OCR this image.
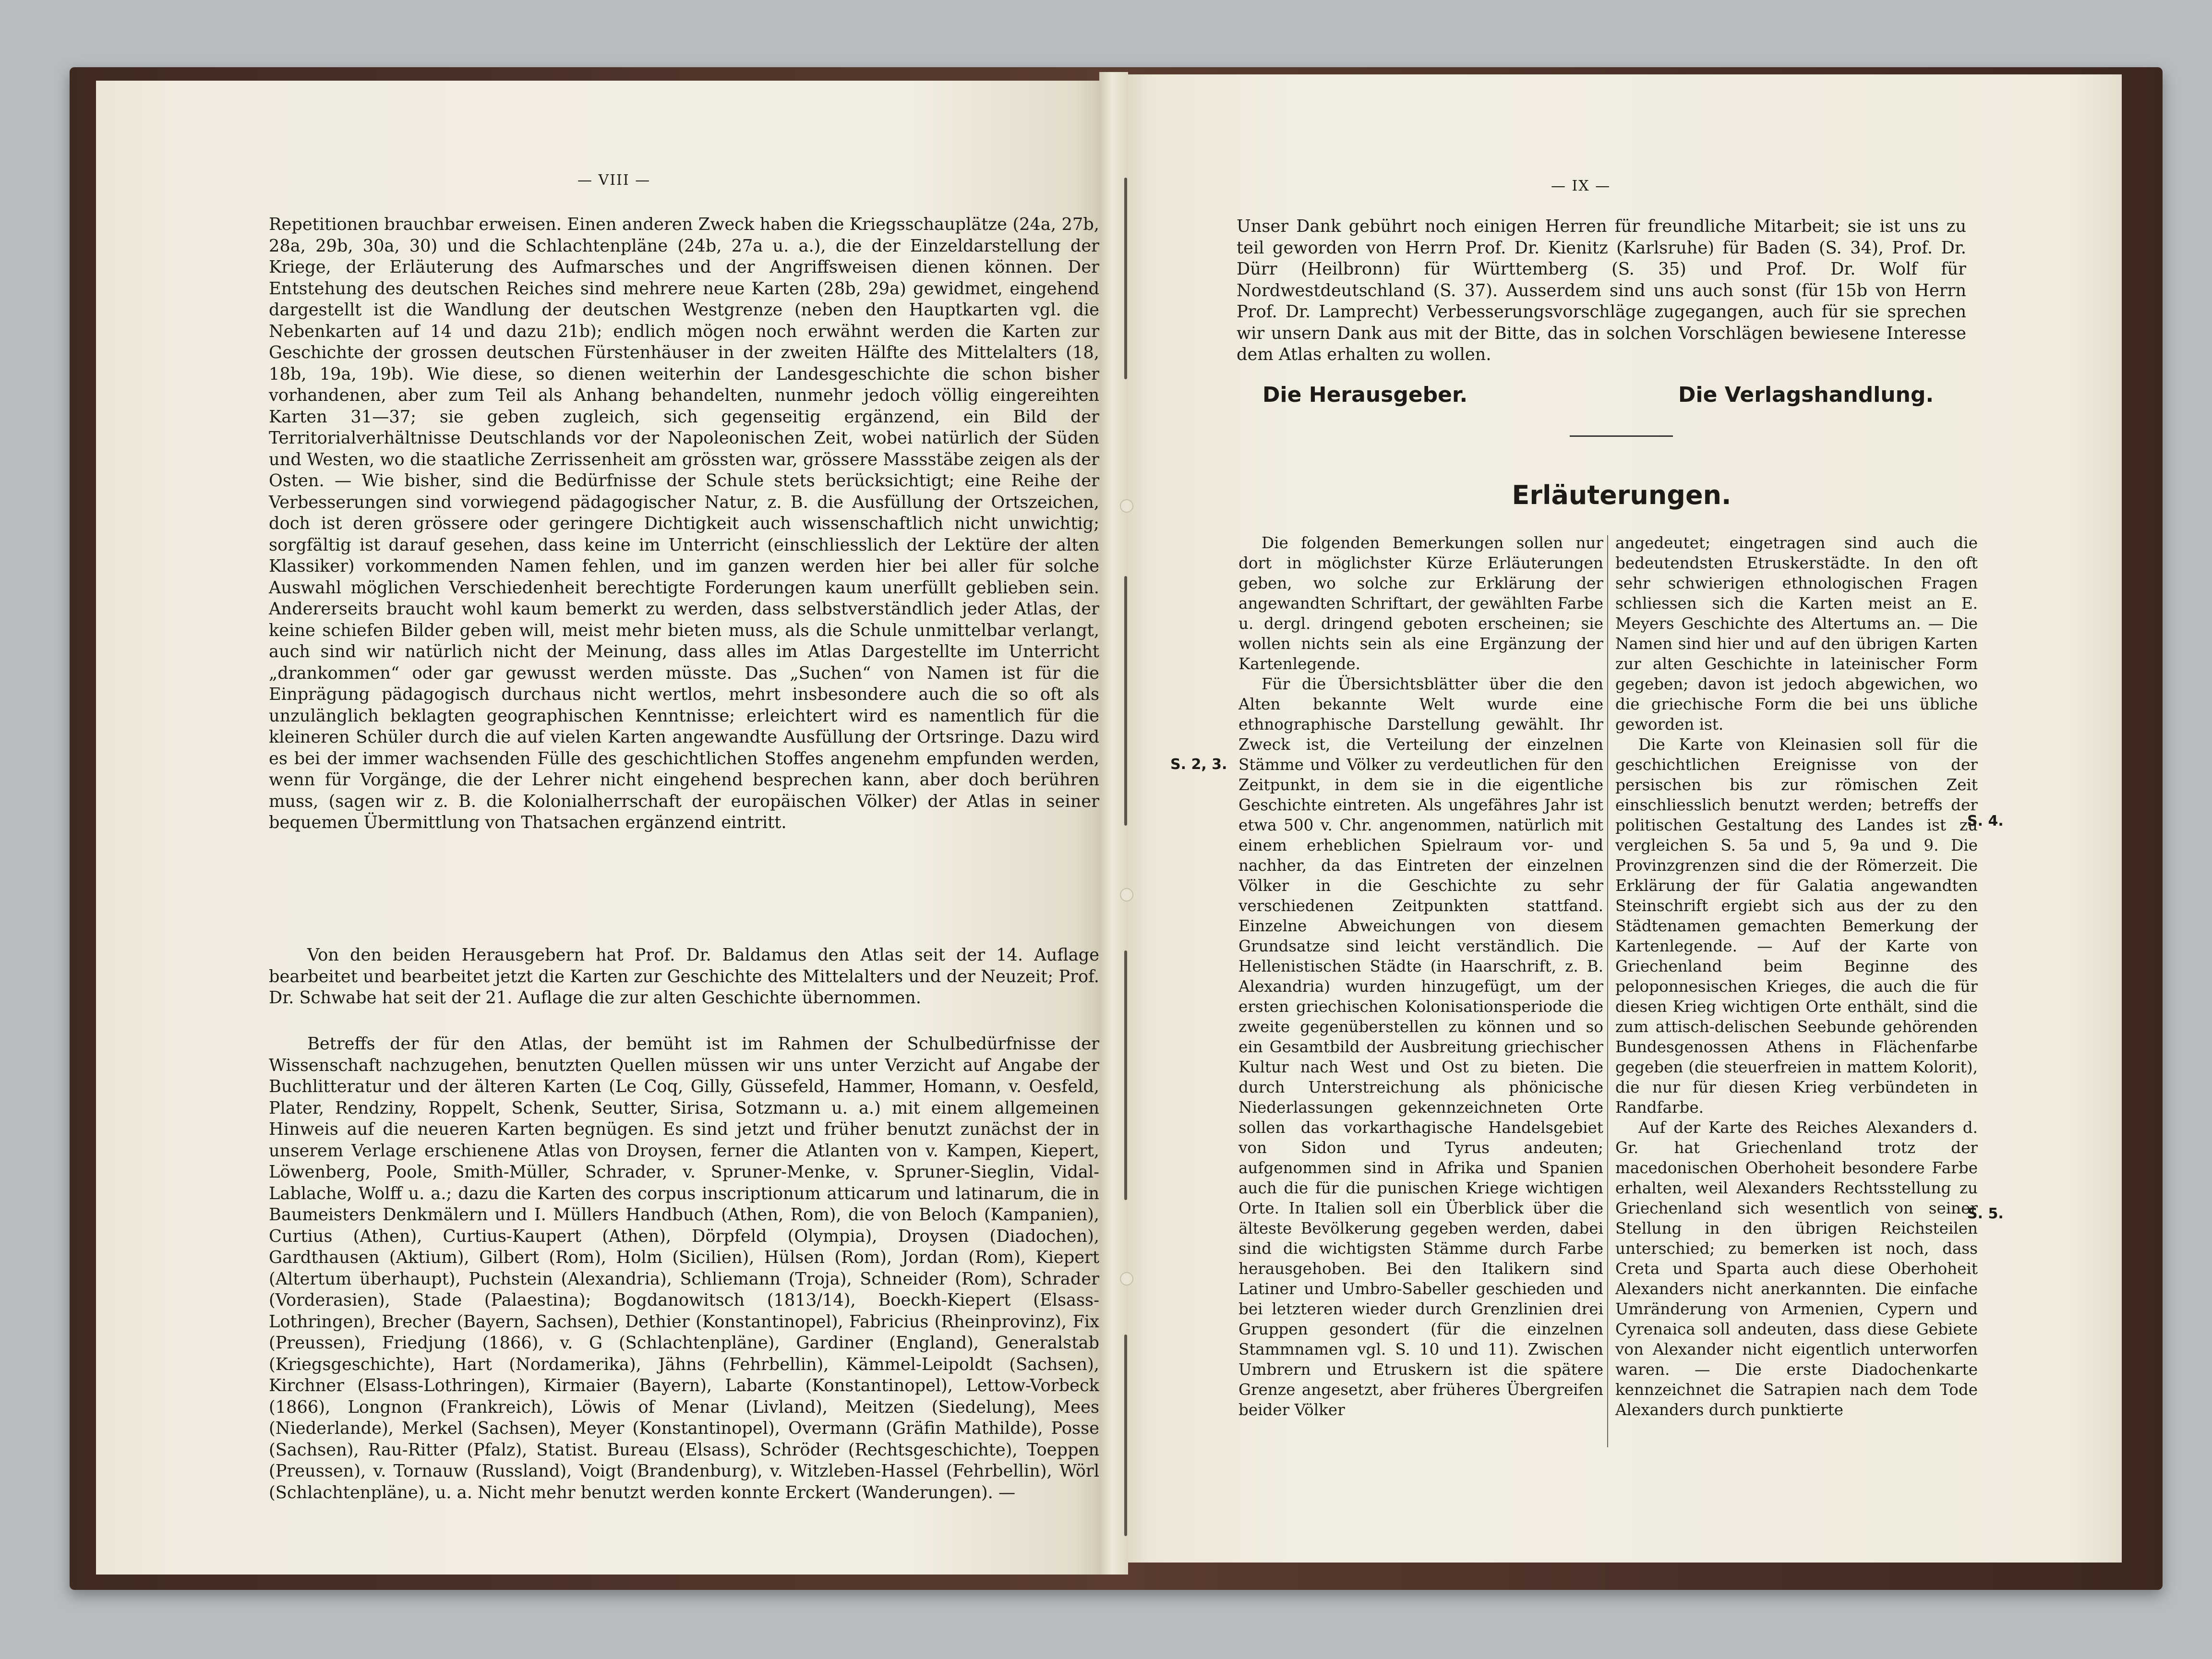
— VIII —
Repetitionen brauchbar erweisen. Einen anderen Zweck haben die Kriegsschauplätze (24a, 27b, 28a, 29b, 30a, 30) und die Schlachtenpläne (24b, 27a u. a.), die der Einzeldarstellung der Kriege, der Erläuterung des Aufmarsches und der Angriffsweisen dienen können. Der Entstehung des deutschen Reiches sind mehrere neue Karten (28b, 29a) gewidmet, eingehend dargestellt ist die Wandlung der deutschen Westgrenze (neben den Hauptkarten vgl. die Nebenkarten auf 14 und dazu 21b); endlich mögen noch erwähnt werden die Karten zur Geschichte der grossen deutschen Fürstenhäuser in der zweiten Hälfte des Mittelalters (18, 18b, 19a, 19b). Wie diese, so dienen weiterhin der Landesgeschichte die schon bisher vorhandenen, aber zum Teil als Anhang behandelten, nunmehr jedoch völlig eingereihten Karten 31—37; sie geben zugleich, sich gegenseitig ergänzend, ein Bild der Territorialverhältnisse Deutschlands vor der Napoleonischen Zeit, wobei natürlich der Süden und Westen, wo die staatliche Zerrissenheit am grössten war, grössere Massstäbe zeigen als der Osten. — Wie bisher, sind die Bedürfnisse der Schule stets berücksichtigt; eine Reihe der Verbesserungen sind vorwiegend pädagogischer Natur, z. B. die Ausfüllung der Ortszeichen, doch ist deren grössere oder geringere Dichtigkeit auch wissenschaftlich nicht unwichtig; sorgfältig ist darauf gesehen, dass keine im Unterricht (einschliesslich der Lektüre der alten Klassiker) vorkommenden Namen fehlen, und im ganzen werden hier bei aller für solche Auswahl möglichen Verschiedenheit berechtigte Forderungen kaum unerfüllt geblieben sein. Andererseits braucht wohl kaum bemerkt zu werden, dass selbstverständlich jeder Atlas, der keine schiefen Bilder geben will, meist mehr bieten muss, als die Schule unmittelbar verlangt, auch sind wir natürlich nicht der Meinung, dass alles im Atlas Dargestellte im Unterricht „drankommen“ oder gar gewusst werden müsste. Das „Suchen“ von Namen ist für die Einprägung pädagogisch durchaus nicht wertlos, mehrt insbesondere auch die so oft als unzulänglich beklagten geographischen Kenntnisse; erleichtert wird es namentlich für die kleineren Schüler durch die auf vielen Karten angewandte Ausfüllung der Ortsringe. Dazu wird es bei der immer wachsenden Fülle des geschichtlichen Stoffes angenehm empfunden werden, wenn für Vorgänge, die der Lehrer nicht eingehend besprechen kann, aber doch berühren muss, (sagen wir z. B. die Kolonialherrschaft der europäischen Völker) der Atlas in seiner bequemen Übermittlung von Thatsachen ergänzend eintritt.
Von den beiden Herausgebern hat Prof. Dr. Baldamus den Atlas seit der 14. Auflage bearbeitet und bearbeitet jetzt die Karten zur Geschichte des Mittelalters und der Neuzeit; Prof. Dr. Schwabe hat seit der 21. Auflage die zur alten Geschichte übernommen.
Betreffs der für den Atlas, der bemüht ist im Rahmen der Schulbedürfnisse der Wissenschaft nachzugehen, benutzten Quellen müssen wir uns unter Verzicht auf Angabe der Buchlitteratur und der älteren Karten (Le Coq, Gilly, Güssefeld, Hammer, Homann, v. Oesfeld, Plater, Rendziny, Roppelt, Schenk, Seutter, Sirisa, Sotzmann u. a.) mit einem allgemeinen Hinweis auf die neueren Karten begnügen. Es sind jetzt und früher benutzt zunächst der in unserem Verlage erschienene Atlas von Droysen, ferner die Atlanten von v. Kampen, Kiepert, Löwenberg, Poole, Smith-Müller, Schrader, v. Spruner-Menke, v. Spruner-Sieglin, Vidal-Lablache, Wolff u. a.; dazu die Karten des corpus inscriptionum atticarum und latinarum, die in Baumeisters Denkmälern und I. Müllers Handbuch (Athen, Rom), die von Beloch (Kampanien), Curtius (Athen), Curtius-Kaupert (Athen), Dörpfeld (Olympia), Droysen (Diadochen), Gardthausen (Aktium), Gilbert (Rom), Holm (Sicilien), Hülsen (Rom), Jordan (Rom), Kiepert (Altertum überhaupt), Puchstein (Alexandria), Schliemann (Troja), Schneider (Rom), Schrader (Vorderasien), Stade (Palaestina); Bogdanowitsch (1813/14), Boeckh-Kiepert (Elsass-Lothringen), Brecher (Bayern, Sachsen), Dethier (Konstantinopel), Fabricius (Rheinprovinz), Fix (Preussen), Friedjung (1866), v. G (Schlachtenpläne), Gardiner (England), Generalstab (Kriegsgeschichte), Hart (Nordamerika), Jähns (Fehrbellin), Kämmel-Leipoldt (Sachsen), Kirchner (Elsass-Lothringen), Kirmaier (Bayern), Labarte (Konstantinopel), Lettow-Vorbeck (1866), Longnon (Frankreich), Löwis of Menar (Livland), Meitzen (Siedelung), Mees (Niederlande), Merkel (Sachsen), Meyer (Konstantinopel), Overmann (Gräfin Mathilde), Posse (Sachsen), Rau-Ritter (Pfalz), Statist. Bureau (Elsass), Schröder (Rechtsgeschichte), Toeppen (Preussen), v. Tornauw (Russland), Voigt (Brandenburg), v. Witzleben-Hassel (Fehrbellin), Wörl (Schlachtenpläne), u. a. Nicht mehr benutzt werden konnte Erckert (Wanderungen). —
— IX —
Unser Dank gebührt noch einigen Herren für freundliche Mitarbeit; sie ist uns zu teil geworden von Herrn Prof. Dr. Kienitz (Karlsruhe) für Baden (S. 34), Prof. Dr. Dürr (Heilbronn) für Württemberg (S. 35) und Prof. Dr. Wolf für Nordwestdeutschland (S. 37). Ausserdem sind uns auch sonst (für 15b von Herrn Prof. Dr. Lamprecht) Verbesserungsvorschläge zugegangen, auch für sie sprechen wir unsern Dank aus mit der Bitte, das in solchen Vorschlägen bewiesene Interesse dem Atlas erhalten zu wollen.
Die Herausgeber.	Die Verlagshandlung.
Erläuterungen.
Die folgenden Bemerkungen sollen nur dort in möglichster Kürze Erläuterungen geben, wo solche zur Erklärung der angewandten Schriftart, der gewählten Farbe u. dergl. dringend geboten erscheinen; sie wollen nichts sein als eine Ergänzung der Kartenlegende.
Für die Übersichtsblätter über die den Alten bekannte Welt wurde eine ethnographische Darstellung gewählt. Ihr Zweck ist, die Verteilung der einzelnen Stämme und Völker zu verdeutlichen für den Zeitpunkt, in dem sie in die eigentliche Geschichte eintreten. Als ungefähres Jahr ist etwa 500 v. Chr. angenommen, natürlich mit einem erheblichen Spielraum vor- und nachher, da das Eintreten der einzelnen Völker in die Geschichte zu sehr verschiedenen Zeitpunkten stattfand. Einzelne Abweichungen von diesem Grundsatze sind leicht verständlich. Die Hellenistischen Städte (in Haarschrift, z. B. Alexandria) wurden hinzugefügt, um der ersten griechischen Kolonisationsperiode die zweite gegenüberstellen zu können und so ein Gesamtbild der Ausbreitung griechischer Kultur nach West und Ost zu bieten. Die durch Unterstreichung als phönicische Niederlassungen gekennzeichneten Orte sollen das vorkarthagische Handelsgebiet von Sidon und Tyrus andeuten; aufgenommen sind in Afrika und Spanien auch die für die punischen Kriege wichtigen Orte. In Italien soll ein Überblick über die älteste Bevölkerung gegeben werden, dabei sind die wichtigsten Stämme durch Farbe herausgehoben. Bei den Italikern sind Latiner und Umbro-Sabeller geschieden und bei letzteren wieder durch Grenzlinien drei Gruppen gesondert (für die einzelnen Stammnamen vgl. S. 10 und 11). Zwischen Umbrern und Etruskern ist die spätere Grenze angesetzt, aber früheres Übergreifen beider Völker
angedeutet; eingetragen sind auch die bedeutendsten Etruskerstädte. In den oft sehr schwierigen ethnologischen Fragen schliessen sich die Karten meist an E. Meyers Geschichte des Altertums an. — Die Namen sind hier und auf den übrigen Karten zur alten Geschichte in lateinischer Form gegeben; davon ist jedoch abgewichen, wo die griechische Form die bei uns übliche geworden ist.
Die Karte von Kleinasien soll für die geschichtlichen Ereignisse von der persischen bis zur römischen Zeit einschliesslich benutzt werden; betreffs der politischen Gestaltung des Landes ist zu vergleichen S. 5a und 5, 9a und 9. Die Provinzgrenzen sind die der Römerzeit. Die Erklärung der für Galatia angewandten Steinschrift ergiebt sich aus der zu den Städtenamen gemachten Bemerkung der Kartenlegende. — Auf der Karte von Griechenland beim Beginne des peloponnesischen Krieges, die auch die für diesen Krieg wichtigen Orte enthält, sind die zum attisch-delischen Seebunde gehörenden Bundesgenossen Athens in Flächenfarbe gegeben (die steuerfreien in mattem Kolorit), die nur für diesen Krieg verbündeten in Randfarbe.
Auf der Karte des Reiches Alexanders d. Gr. hat Griechenland trotz der macedonischen Oberhoheit besondere Farbe erhalten, weil Alexanders Rechtsstellung zu Griechenland sich wesentlich von seiner Stellung in den übrigen Reichsteilen unterschied; zu bemerken ist noch, dass Creta und Sparta auch diese Oberhoheit Alexanders nicht anerkannten. Die einfache Umränderung von Armenien, Cypern und Cyrenaica soll andeuten, dass diese Gebiete von Alexander nicht eigentlich unterworfen waren. — Die erste Diadochenkarte kennzeichnet die Satrapien nach dem Tode Alexanders durch punktierte
S. 2, 3.
S. 4.
S. 5.
